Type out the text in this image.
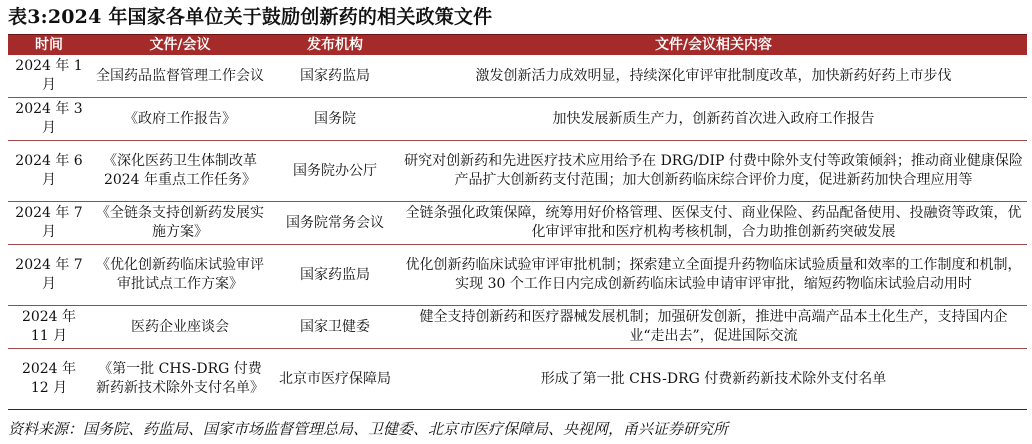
表3:2024 年国家各单位关于鼓励创新药的相关政策文件
时间	文件/会议	发布机构	文件/会议相关内容
2024 年 1 月	全国药品监督管理工作会议	国家药监局	激发创新活力成效明显，持续深化审评审批制度改革，加快新药好药上市步伐
2024 年 3 月	《政府工作报告》	国务院	加快发展新质生产力，创新药首次进入政府工作报告
2024 年 6 月	《深化医药卫生体制改革 2024 年重点工作任务》	国务院办公厅	研究对创新药和先进医疗技术应用给予在 DRG/DIP 付费中除外支付等政策倾斜；推动商业健康保险产品扩大创新药支付范围；加大创新药临床综合评价力度，促进新药加快合理应用等
2024 年 7 月	《全链条支持创新药发展实施方案》	国务院常务会议	全链条强化政策保障，统筹用好价格管理、医保支付、商业保险、药品配备使用、投融资等政策，优化审评审批和医疗机构考核机制，合力助推创新药突破发展
2024 年 7 月	《优化创新药临床试验审评审批试点工作方案》	国家药监局	优化创新药临床试验审评审批机制；探索建立全面提升药物临床试验质量和效率的工作制度和机制，实现 30 个工作日内完成创新药临床试验申请审评审批，缩短药物临床试验启动用时
2024 年 11 月	医药企业座谈会	国家卫健委	健全支持创新药和医疗器械发展机制；加强研发创新，推进中高端产品本土化生产，支持国内企业“走出去”，促进国际交流
2024 年 12 月	《第一批 CHS-DRG 付费新药新技术除外支付名单》	北京市医疗保障局	形成了第一批 CHS-DRG 付费新药新技术除外支付名单
资料来源：国务院、药监局、国家市场监督管理总局、卫健委、北京市医疗保障局、央视网，甬兴证券研究所
